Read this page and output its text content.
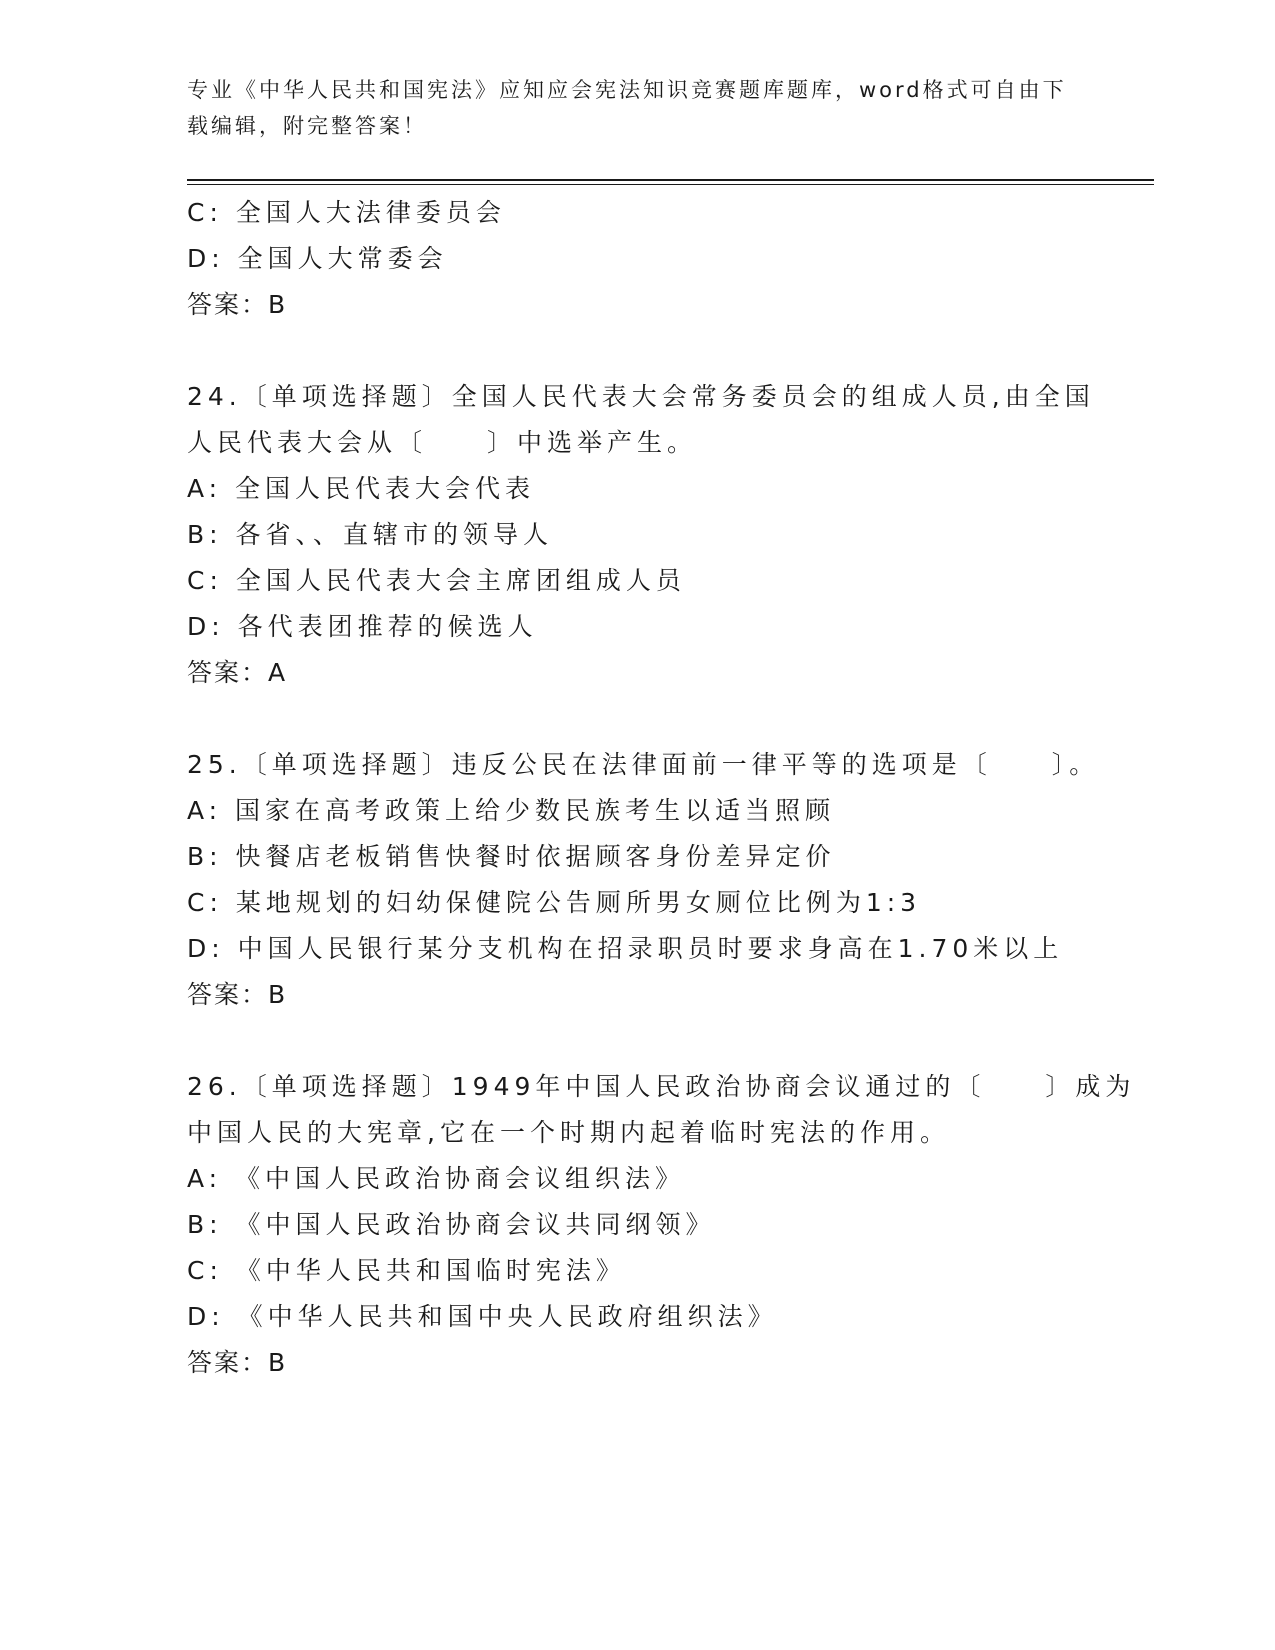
专业《中华人民共和国宪法》应知应会宪法知识竞赛题库题库，word格式可自由下载编辑，附完整答案！
C: 全国人大法律委员会
D: 全国人大常委会
答案：B
24.〔单项选择题〕全国人民代表大会常务委员会的组成人员,由全国
人民代表大会从〔　　〕中选举产生。
A: 全国人民代表大会代表
B: 各省、、直辖市的领导人
C: 全国人民代表大会主席团组成人员
D: 各代表团推荐的候选人
答案：A
25.〔单项选择题〕违反公民在法律面前一律平等的选项是〔　　〕。
A: 国家在高考政策上给少数民族考生以适当照顾
B: 快餐店老板销售快餐时依据顾客身份差异定价
C: 某地规划的妇幼保健院公告厕所男女厕位比例为1:3
D: 中国人民银行某分支机构在招录职员时要求身高在1.70米以上
答案：B
26.〔单项选择题〕1949年中国人民政治协商会议通过的〔　　〕成为
中国人民的大宪章,它在一个时期内起着临时宪法的作用。
A: 《中国人民政治协商会议组织法》
B: 《中国人民政治协商会议共同纲领》
C: 《中华人民共和国临时宪法》
D: 《中华人民共和国中央人民政府组织法》
答案：B
